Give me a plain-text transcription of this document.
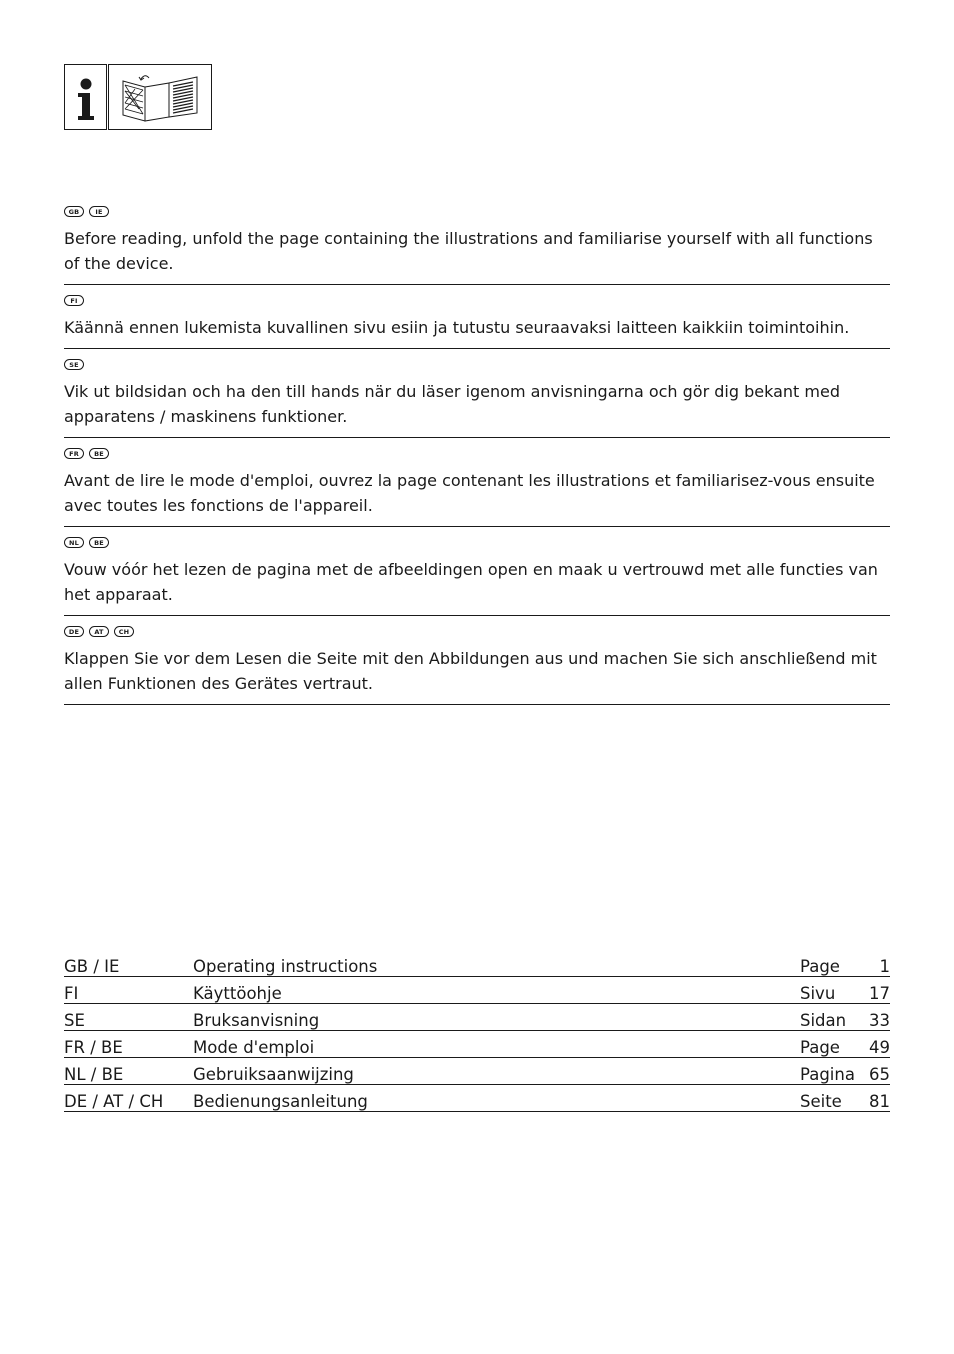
GB	IE

Before reading, unfold the page containing the illustrations and familiarise yourself with all functions of the device.

FI

Käännä ennen lukemista kuvallinen sivu esiin ja tutustu seuraavaksi laitteen kaikkiin toimintoihin.

SE

Vik ut bildsidan och ha den till hands när du läser igenom anvisningarna och gör dig bekant med apparatens / maskinens funktioner.

FR	BE

Avant de lire le mode d'emploi, ouvrez la page contenant les illustrations et familiarisez-vous ensuite avec toutes les fonctions de l'appareil.

NL	BE

Vouw vóór het lezen de pagina met de afbeeldingen open en maak u vertrouwd met alle functies van het apparaat.

DE	AT	CH

Klappen Sie vor dem Lesen die Seite mit den Abbildungen aus und machen Sie sich anschließend mit allen Funktionen des Gerätes vertraut.

GB / IE	Operating instructions	Page	1
FI	Käyttöohje	Sivu	17
SE	Bruksanvisning	Sidan	33
FR / BE	Mode d'emploi	Page	49
NL / BE	Gebruiksaanwijzing	Pagina	65
DE / AT / CH	Bedienungsanleitung	Seite	81
